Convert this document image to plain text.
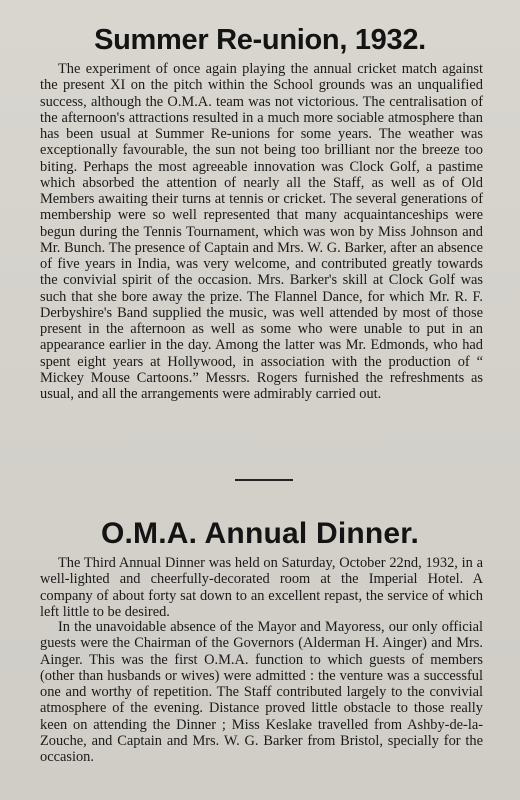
Summer Re-union, 1932.

The experiment of once again playing the annual cricket match against the present XI on the pitch within the School grounds was an unqualified success, although the O.M.A. team was not victorious. The centralisation of the afternoon's attractions resulted in a much more sociable atmosphere than has been usual at Summer Re-unions for some years. The weather was exceptionally favourable, the sun not being too brilliant nor the breeze too biting. Perhaps the most agreeable innovation was Clock Golf, a pastime which absorbed the attention of nearly all the Staff, as well as of Old Members awaiting their turns at tennis or cricket. The several generations of membership were so well represented that many acquaintanceships were begun during the Tennis Tournament, which was won by Miss Johnson and Mr. Bunch. The presence of Captain and Mrs. W. G. Barker, after an absence of five years in India, was very welcome, and contributed greatly towards the convivial spirit of the occasion. Mrs. Barker's skill at Clock Golf was such that she bore away the prize. The Flannel Dance, for which Mr. R. F. Derbyshire's Band supplied the music, was well attended by most of those present in the afternoon as well as some who were unable to put in an appearance earlier in the day. Among the latter was Mr. Edmonds, who had spent eight years at Hollywood, in association with the production of “ Mickey Mouse Cartoons.” Messrs. Rogers furnished the refreshments as usual, and all the arrangements were admirably carried out.

O.M.A. Annual Dinner.

The Third Annual Dinner was held on Saturday, October 22nd, 1932, in a well-lighted and cheerfully-decorated room at the Imperial Hotel. A company of about forty sat down to an excellent repast, the service of which left little to be desired.

In the unavoidable absence of the Mayor and Mayoress, our only official guests were the Chairman of the Governors (Alderman H. Ainger) and Mrs. Ainger. This was the first O.M.A. function to which guests of members (other than husbands or wives) were admitted : the venture was a successful one and worthy of repetition. The Staff contributed largely to the convivial atmosphere of the evening. Distance proved little obstacle to those really keen on attending the Dinner ; Miss Keslake travelled from Ashby-de-la-Zouche, and Captain and Mrs. W. G. Barker from Bristol, specially for the occasion.
